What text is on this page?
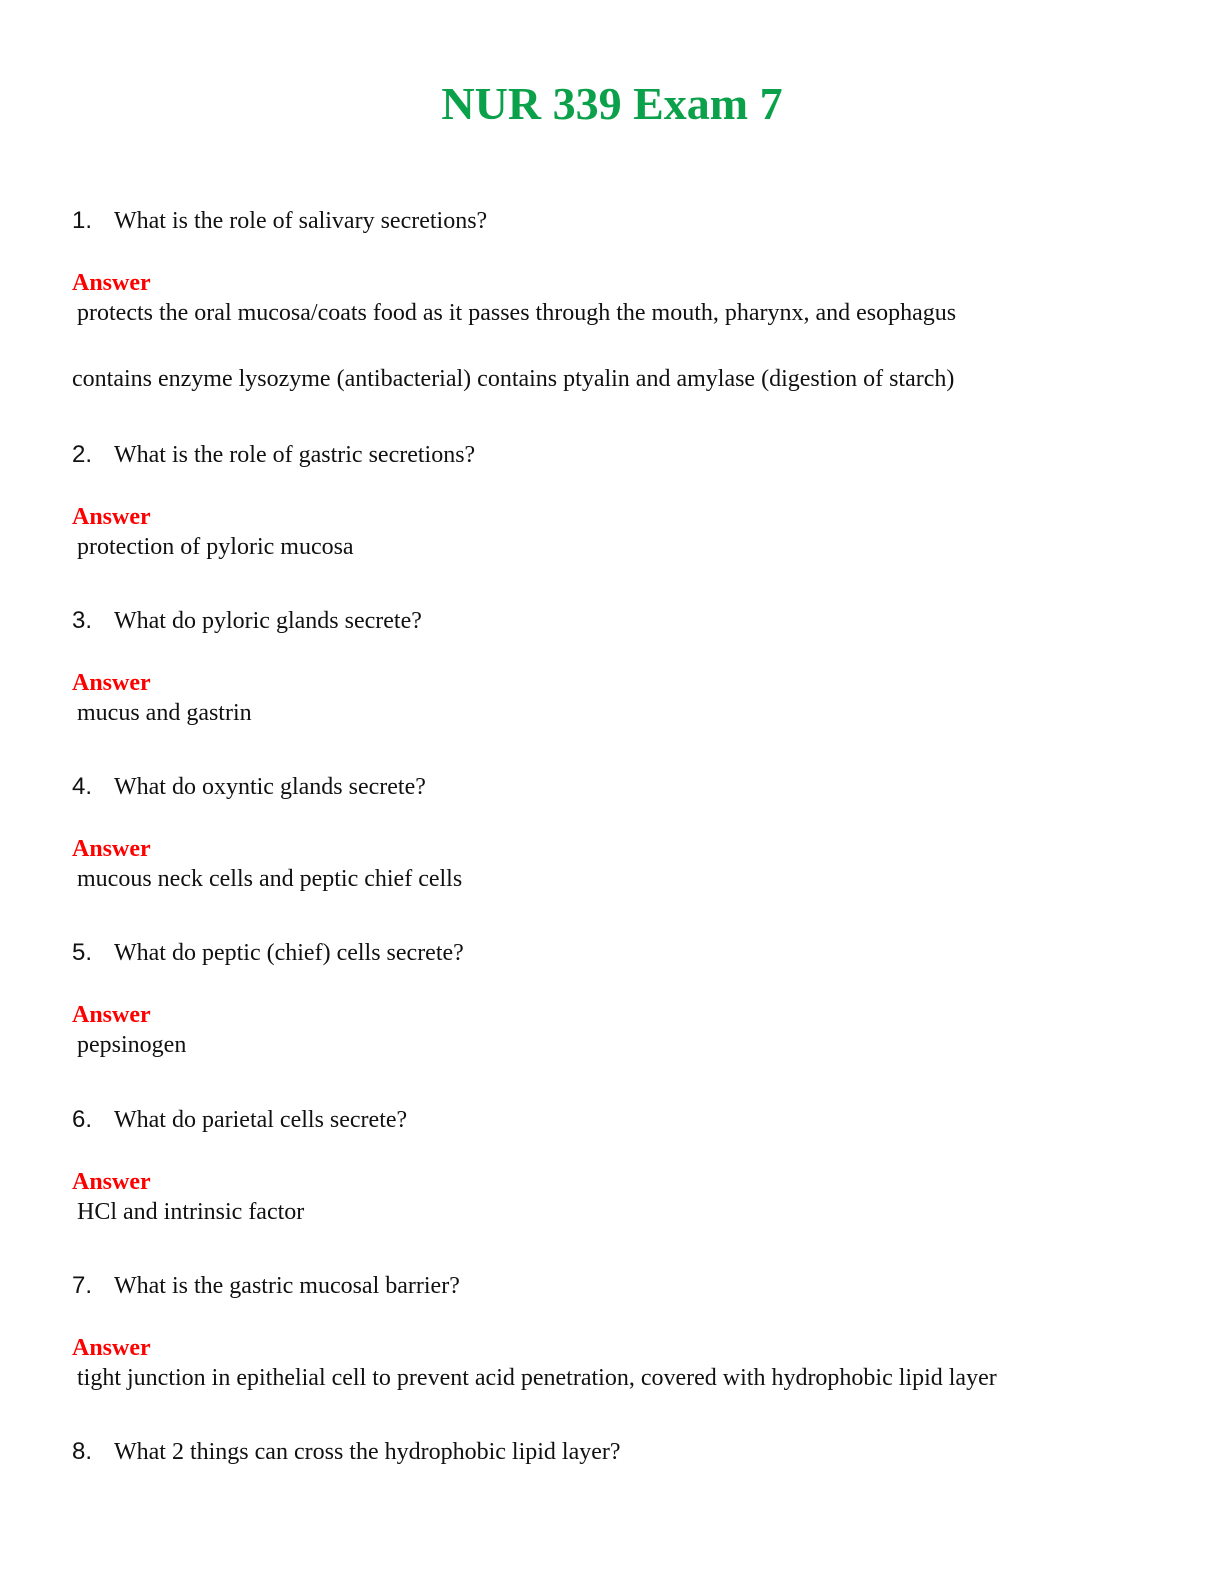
NUR 339 Exam 7
1. What is the role of salivary secretions?
Answer
protects the oral mucosa/coats food as it passes through the mouth, pharynx, and esophagus
contains enzyme lysozyme (antibacterial) contains ptyalin and amylase (digestion of starch)
2. What is the role of gastric secretions?
Answer
protection of pyloric mucosa
3. What do pyloric glands secrete?
Answer
mucus and gastrin
4. What do oxyntic glands secrete?
Answer
mucous neck cells and peptic chief cells
5. What do peptic (chief) cells secrete?
Answer
pepsinogen
6. What do parietal cells secrete?
Answer
HCl and intrinsic factor
7. What is the gastric mucosal barrier?
Answer
tight junction in epithelial cell to prevent acid penetration, covered with hydrophobic lipid layer
8. What 2 things can cross the hydrophobic lipid layer?
